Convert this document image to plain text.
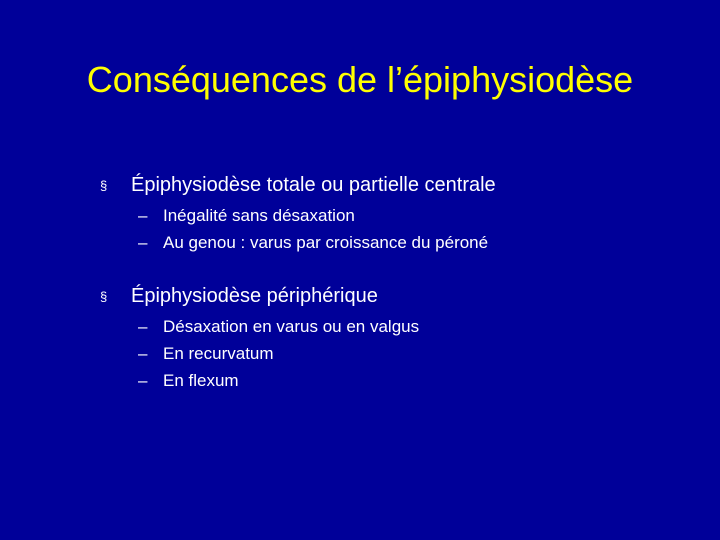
Conséquences de l’épiphysiodèse
§ Épiphysiodèse totale ou partielle centrale
– Inégalité sans désaxation
– Au genou : varus par croissance du péroné
§ Épiphysiodèse périphérique
– Désaxation en varus ou en valgus
– En recurvatum
– En flexum
